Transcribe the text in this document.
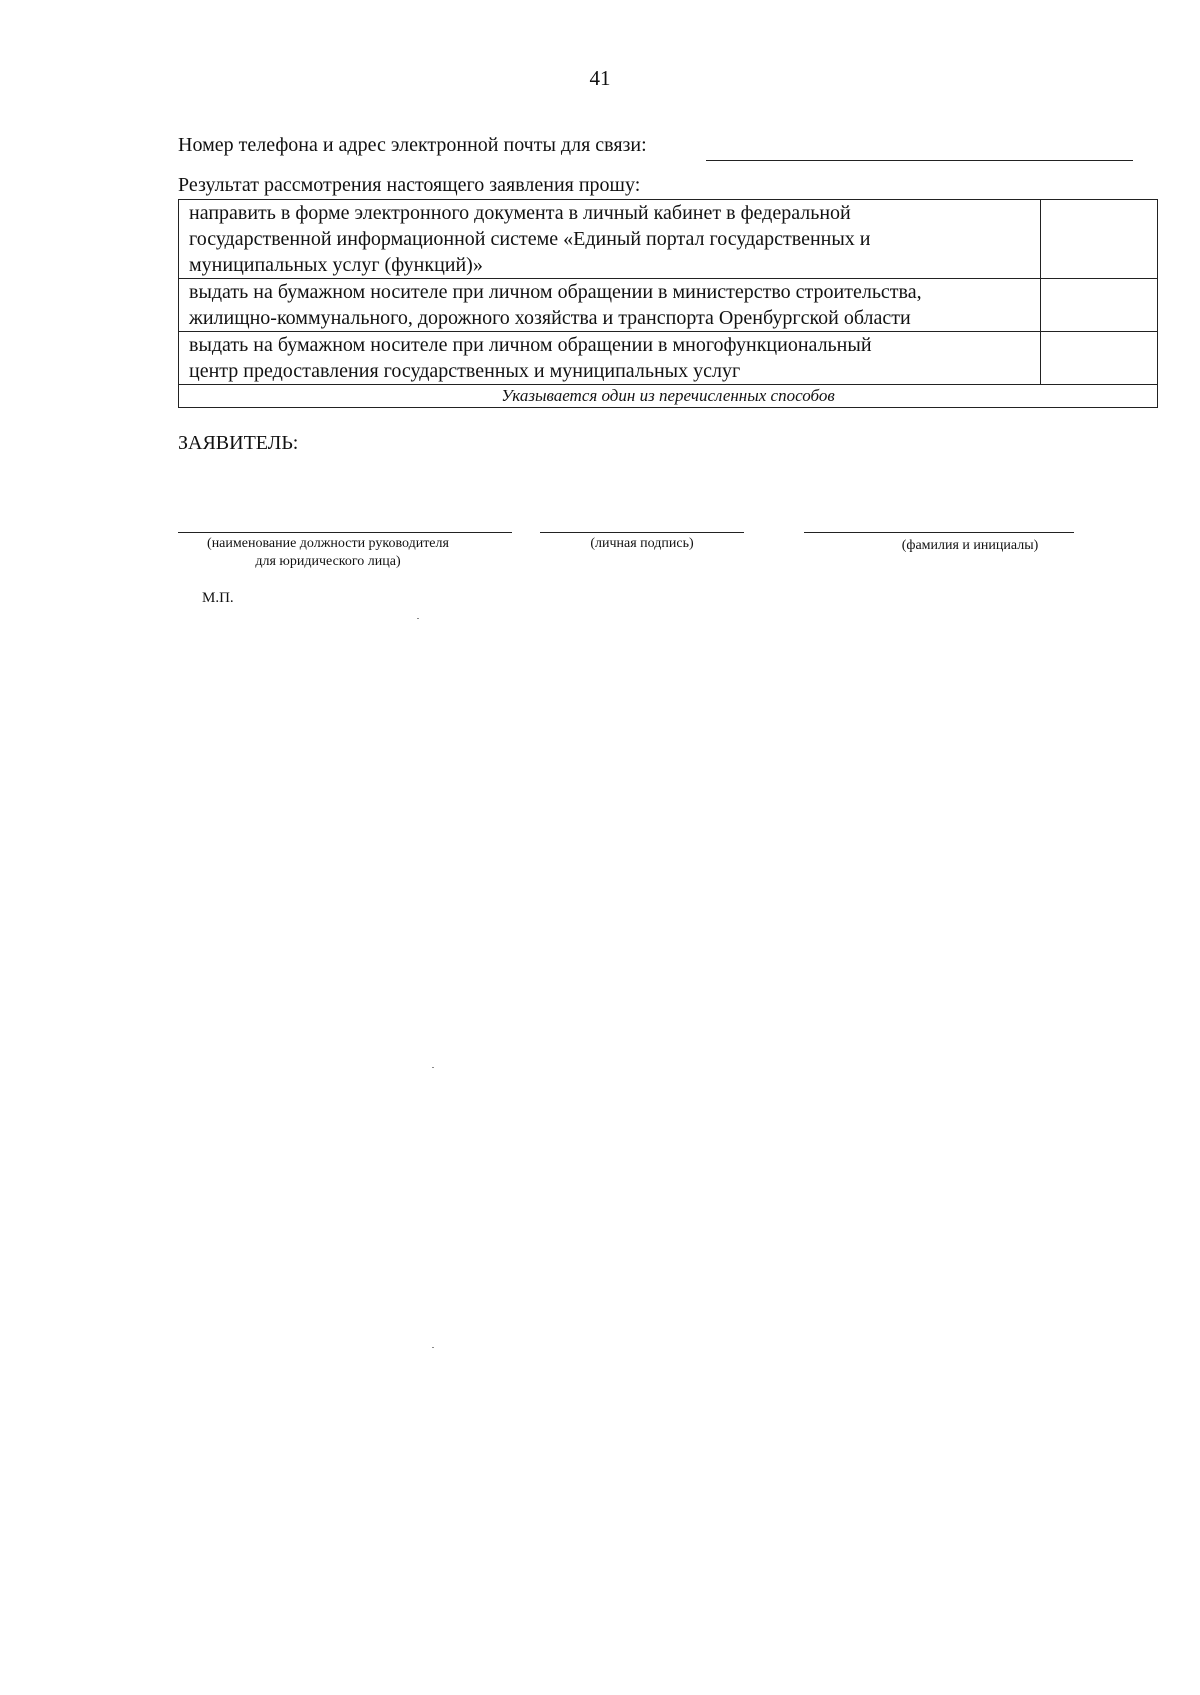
41
Номер телефона и адрес электронной почты для связи:
Результат рассмотрения настоящего заявления прошу:
направить в форме электронного документа в личный кабинет в федеральной
государственной информационной системе «Единый портал государственных и
муниципальных услуг (функций)»	

выдать на бумажном носителе при личном обращении в министерство строительства,
жилищно-коммунального, дорожного хозяйства и транспорта Оренбургской области	

выдать на бумажном носителе при личном обращении в многофункциональный
центр предоставления государственных и муниципальных услуг	

Указывается один из перечисленных способов	
ЗАЯВИТЕЛЬ:
(наименование должности руководителя
для юридического лица)
(личная подпись)	(фамилия и инициалы)
М.П.
